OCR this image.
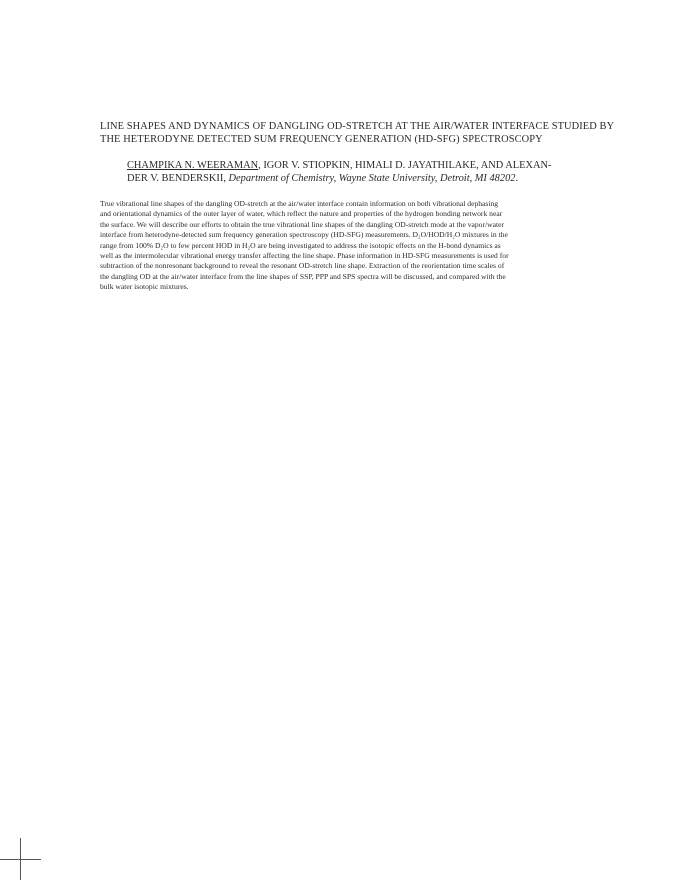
LINE SHAPES AND DYNAMICS OF DANGLING OD-STRETCH AT THE AIR/WATER INTERFACE STUDIED BY
THE HETERODYNE DETECTED SUM FREQUENCY GENERATION (HD-SFG) SPECTROSCOPY
CHAMPIKA N. WEERAMAN, IGOR V. STIOPKIN, HIMALI D. JAYATHILAKE, AND ALEXAN-
DER V. BENDERSKII, Department of Chemistry, Wayne State University, Detroit, MI 48202.
True vibrational line shapes of the dangling OD-stretch at the air/water interface contain information on both vibrational dephasing
and orientational dynamics of the outer layer of water, which reflect the nature and properties of the hydrogen bonding network near
the surface. We will describe our efforts to obtain the true vibrational line shapes of the dangling OD-stretch mode at the vapor/water
interface from heterodyne-detected sum frequency generation spectroscopy (HD-SFG) measurements. D₂O/HOD/H₂O mixtures in the
range from 100% D₂O to few percent HOD in H₂O are being investigated to address the isotopic effects on the H-bond dynamics as
well as the intermolecular vibrational energy transfer affecting the line shape. Phase information in HD-SFG measurements is used for
subtraction of the nonresonant background to reveal the resonant OD-stretch line shape. Extraction of the reorientation time scales of
the dangling OD at the air/water interface from the line shapes of SSP, PPP and SPS spectra will be discussed, and compared with the
bulk water isotopic mixtures.
